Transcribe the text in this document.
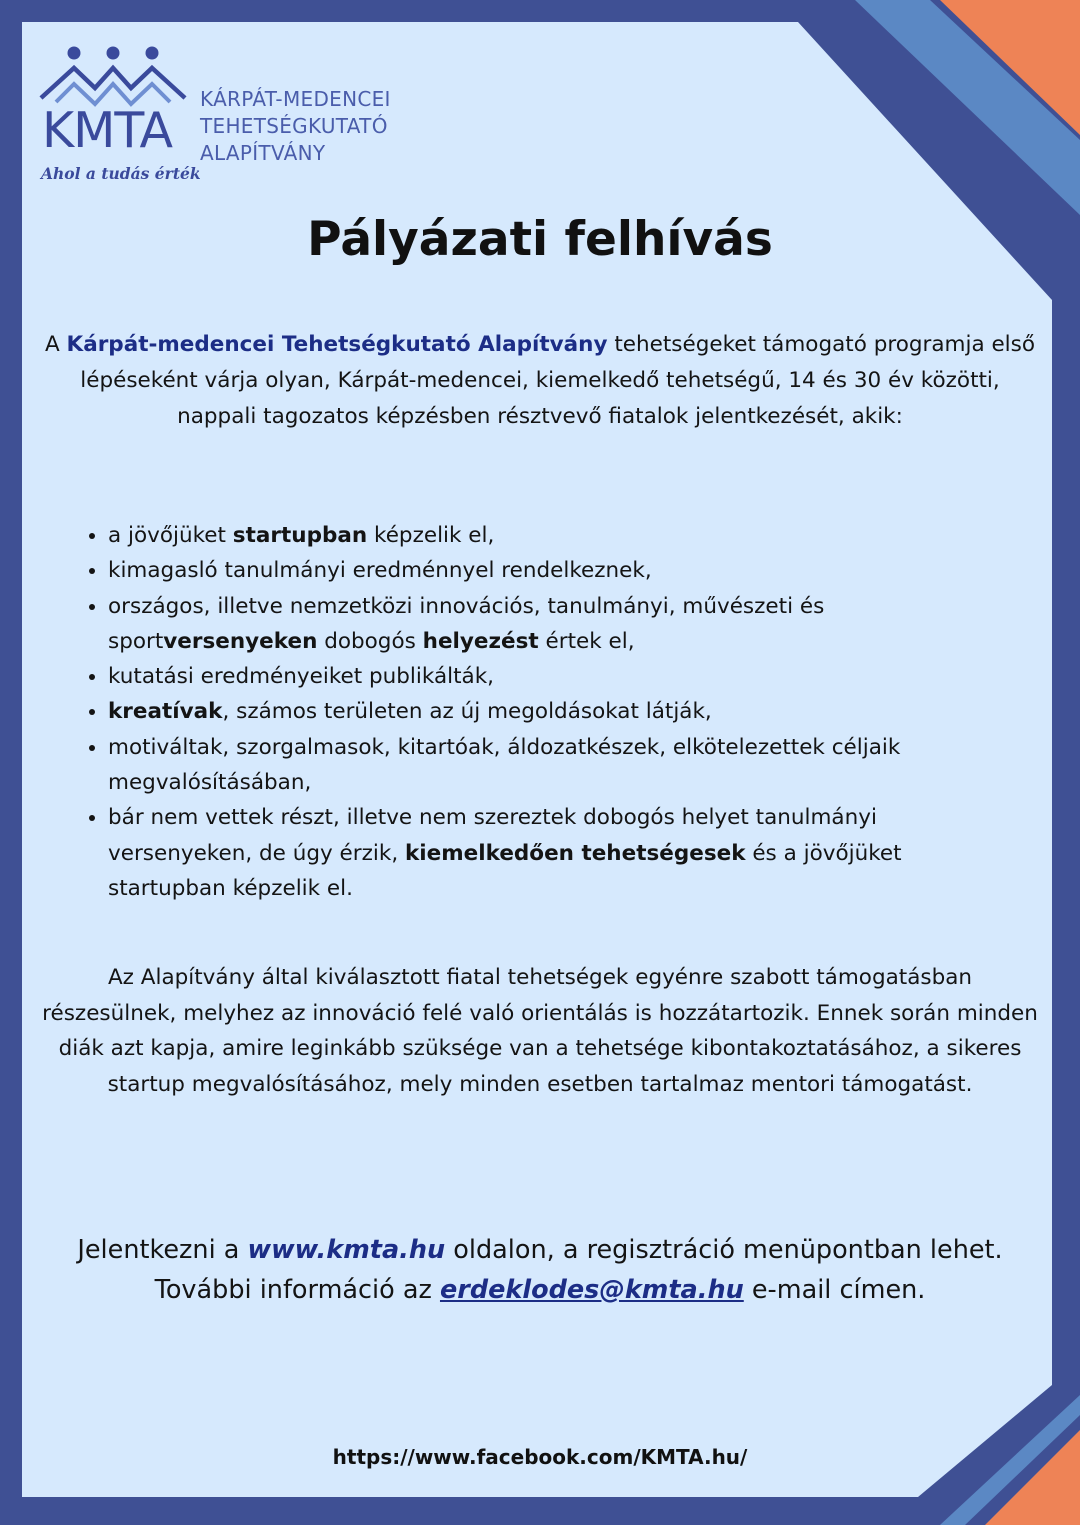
KMTA
Ahol a tudás érték
KÁRPÁT-MEDENCEI
TEHETSÉGKUTATÓ
ALAPÍTVÁNY
Pályázati felhívás

A Kárpát-medencei Tehetségkutató Alapítvány tehetségeket támogató programja első lépéseként várja olyan, Kárpát-medencei, kiemelkedő tehetségű, 14 és 30 év közötti, nappali tagozatos képzésben résztvevő fiatalok jelentkezését, akik:

• a jövőjüket startupban képzelik el,
• kimagasló tanulmányi eredménnyel rendelkeznek,
• országos, illetve nemzetközi innovációs, tanulmányi, művészeti és sportversenyeken dobogós helyezést értek el,
• kutatási eredményeiket publikálták,
• kreatívak, számos területen az új megoldásokat látják,
• motiváltak, szorgalmasok, kitartóak, áldozatkészek, elkötelezettek céljaik megvalósításában,
• bár nem vettek részt, illetve nem szereztek dobogós helyet tanulmányi versenyeken, de úgy érzik, kiemelkedően tehetségesek és a jövőjüket startupban képzelik el.

Az Alapítvány által kiválasztott fiatal tehetségek egyénre szabott támogatásban részesülnek, melyhez az innováció felé való orientálás is hozzátartozik. Ennek során minden diák azt kapja, amire leginkább szüksége van a tehetsége kibontakoztatásához, a sikeres startup megvalósításához, mely minden esetben tartalmaz mentori támogatást.

Jelentkezni a www.kmta.hu oldalon, a regisztráció menüpontban lehet.
További információ az erdeklodes@kmta.hu e-mail címen.

https://www.facebook.com/KMTA.hu/
